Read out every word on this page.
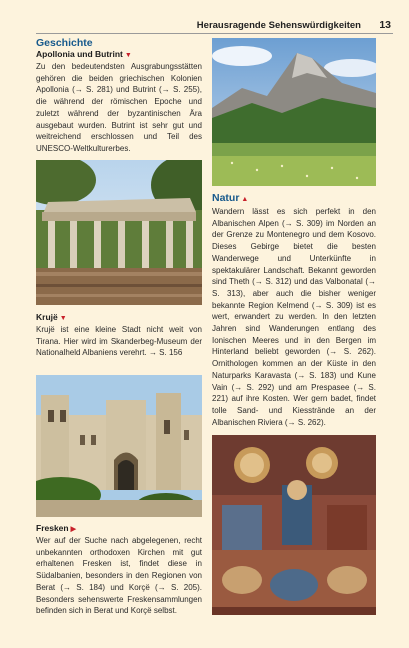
Herausragende Sehenswürdigkeiten 13
Geschichte
Apollonia und Butrint ▼
Zu den bedeutendsten Ausgrabungsstätten gehören die beiden griechischen Kolonien Apollonia (→ S. 281) und Butrint (→ S. 255), die während der römischen Epoche und zuletzt während der byzantinischen Ära ausgebaut wurden. Butrint ist sehr gut und weitreichend erschlossen und Teil des UNESCO-Weltkulturerbes.
Krujë ▼
Krujë ist eine kleine Stadt nicht weit von Tirana. Hier wird im Skanderbeg-Museum der Nationalheld Albaniens verehrt. → S. 156
Fresken ▶
Wer auf der Suche nach abgelegenen, recht unbekannten orthodoxen Kirchen mit gut erhaltenen Fresken ist, findet diese in Südalbanien, besonders in den Regionen von Berat (→ S. 184) und Korçë (→ S. 205). Besonders sehenswerte Freskensammlungen befinden sich in Berat und Korçë selbst.
Natur ▲
Wandern lässt es sich perfekt in den Albanischen Alpen (→ S. 309) im Norden an der Grenze zu Montenegro und dem Kosovo. Dieses Gebirge bietet die besten Wanderwege und Unterkünfte in spektakulärer Landschaft. Bekannt geworden sind Theth (→ S. 312) und das Valbonatal (→ S. 313), aber auch die bisher weniger bekannte Region Kelmend (→ S. 309) ist es wert, erwandert zu werden. In den letzten Jahren sind Wanderungen entlang des Ionischen Meeres und in den Bergen im Hinterland beliebt geworden (→ S. 262). Ornithologen kommen an der Küste in den Naturparks Karavasta (→ S. 183) und Kune Vain (→ S. 292) und am Prespasee (→ S. 221) auf ihre Kosten. Wer gern badet, findet tolle Sand- und Kiesstrände an der Albanischen Riviera (→ S. 262).
